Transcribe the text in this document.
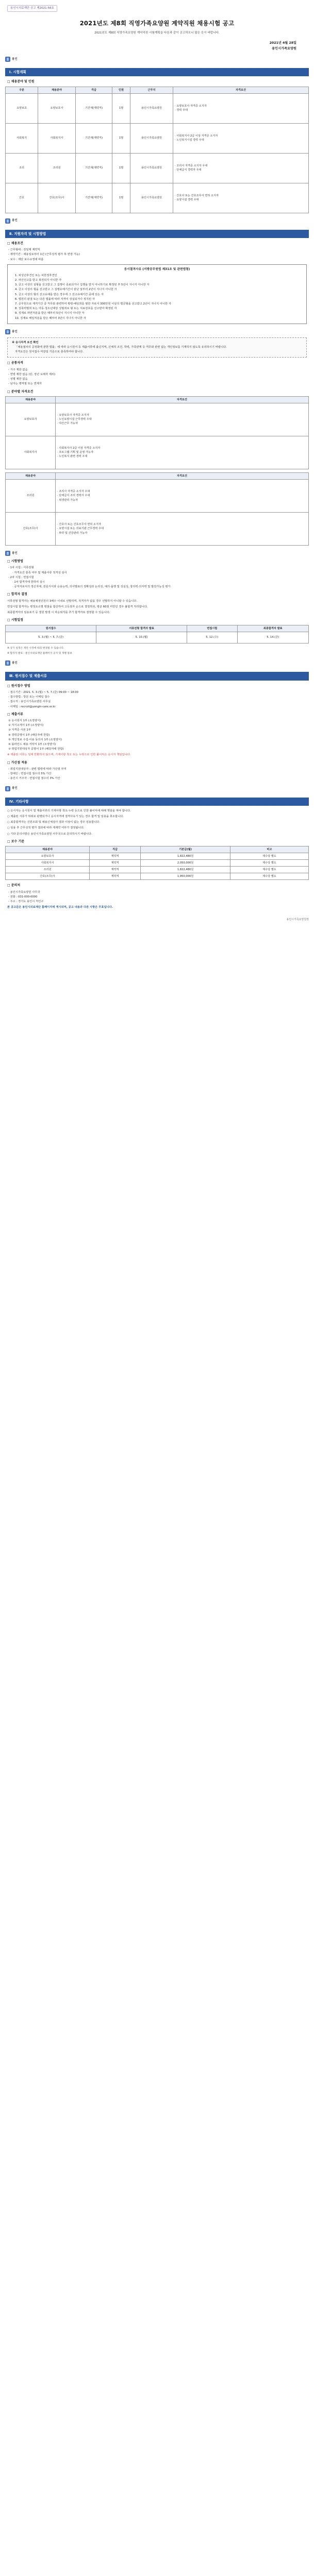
용인시의료재단 공고 제2021-56호
2021년도 제8회 직영가족요양원 계약직원 채용시험 공고
2021년도 제8회 직영가족요양원 계약직원 시험계획을 다음과 같이 공고하오니 많은 응시 바랍니다.
2021년 4월 28일
용인시가족요양원
용인
Ⅰ. 시험계획
□ 채용분야 및 인원
구분	채용분야	직급	인원	근무지	자격요건
요양보호	요양보호사	기간제(계약직)	1명	용인시가족요양원	· 요양보호사 자격증 소지자
· 경력 우대
사회복지	사회복지사	기간제(계약직)	1명	용인시가족요양원	· 사회복지사 2급 이상 자격증 소지자
· 노인복지시설 경력 우대
조리	조리원	기간제(계약직)	1명	용인시가족요양원	· 조리사 자격증 소지자 우대
· 단체급식 경력자 우대
간호	간호(조무)사	기간제(계약직)	1명	용인시가족요양원	· 간호사 또는 간호조무사 면허 소지자
· 요양시설 경력 우대
용인
Ⅱ. 지원자격 및 시험방법
□ 채용조건
- 근무형태 : 전일제 계약직
- 계약기간 : 채용일로부터 1년 (근무성적 평가 후 연장 가능)
- 보수 : 재단 보수규정에 따름
응시결격사유 (지방공무원법 제31조 및 관련법령)
1. 피성년후견인 또는 피한정후견인
2. 파산선고를 받고 복권되지 아니한 자
3. 금고 이상의 실형을 선고받고 그 집행이 종료되거나 집행을 받지 아니하기로 확정된 후 5년이 지나지 아니한 자
4. 금고 이상의 형을 선고받고 그 집행유예기간이 끝난 날부터 2년이 지나지 아니한 자
5. 금고 이상의 형의 선고유예를 받은 경우에 그 선고유예기간 중에 있는 자
6. 법원의 판결 또는 다른 법률에 따라 자격이 상실되거나 정지된 자
7. 공무원으로 재직기간 중 직무와 관련하여 횡령·배임죄를 범한 자로서 300만원 이상의 벌금형을 선고받고 2년이 지나지 아니한 자
8. 성폭력범죄 또는 아동·청소년대상 성범죄로 형 또는 치료감호를 선고받아 확정된 자
9. 징계로 파면처분을 받은 때부터 5년이 지나지 아니한 자
10. 징계로 해임처분을 받은 때부터 3년이 지나지 아니한 자
용인
※ 응시자격 요건 확인
「채용절차의 공정화에 관한 법률」에 따라 응시원서 등 제출서류에 출신지역, 신체적 조건, 학력, 가족관계 등 직무와 관련 없는 개인정보를 기재하지 않도록 유의하시기 바랍니다.
자격요건은 원서접수 마감일 기준으로 충족하여야 합니다.
□ 공통자격
- 거주 제한 없음
- 연령 제한 없음 (단, 정년 도래자 제외)
- 성별 제한 없음
- 남자는 병역필 또는 면제자
□ 분야별 자격요건
채용분야	자격요건
요양보호사	· 요양보호사 자격증 소지자
· 노인요양시설 근무경력 우대
· 야간근무 가능자
사회복지사	· 사회복지사 2급 이상 자격증 소지자
· 프로그램 기획 및 운영 가능자
· 노인복지 관련 경력 우대
채용분야	자격요건
조리원	· 조리사 자격증 소지자 우대
· 단체급식 조리 경력자 우대
· 위생관리 가능자
간호(조무)사	· 간호사 또는 간호조무사 면허 소지자
· 요양시설 또는 의료기관 근무경력 우대
· 투약 및 건강관리 가능자
용인
□ 시험방법
- 1차 시험 : 서류전형
· 자격요건 충족 여부 및 제출서류 적격성 심사
- 2차 시험 : 면접시험
· 1차 합격자에 한하여 실시
· 공직자로서의 정신자세, 전문지식과 응용능력, 의사발표의 정확성과 논리성, 예의·품행 및 성실성, 창의력·의지력 및 발전가능성 평가
□ 합격자 결정
서류전형 합격자는 채용예정인원의 3배수 이내로 선발하며, 적격자가 없을 경우 선발하지 아니할 수 있습니다.
면접시험 합격자는 평정요소별 평점을 합산하여 고득점자 순으로 결정하되, 평균 60점 미만인 경우 불합격 처리합니다.
최종합격자의 임용포기 등 결원 발생 시 차순위자를 추가 합격자로 결정할 수 있습니다.
□ 시험일정
원서접수	서류전형 합격자 발표	면접시험	최종합격자 발표
5. 3.(월) ~ 5. 7.(금)	5. 10.(월)	5. 12.(수)	5. 14.(금)
※ 상기 일정은 재단 사정에 따라 변경될 수 있습니다.
※ 합격자 발표 : 용인시의료재단 홈페이지 공지 및 개별 통보
용인
Ⅲ. 원서접수 및 제출서류
□ 원서접수 방법
- 접수기간 : 2021. 5. 3.(월) ~ 5. 7.(금) 09:00 ~ 18:00
- 접수방법 : 방문 또는 이메일 접수
- 접수처 : 용인시가족요양원 사무실
- 이메일 : recruit@yongin-care.or.kr
□ 제출서류
① 응시원서 1부 (소정양식)
② 자기소개서 1부 (소정양식)
③ 자격증 사본 1부
④ 경력증명서 1부 (해당자에 한함)
⑤ 개인정보 수집·이용 동의서 1부 (소정양식)
⑥ 블라인드 채용 서약서 1부 (소정양식)
⑦ 취업지원대상자 증명서 1부 (해당자에 한함)
※ 제출된 서류는 일체 반환하지 않으며, 기재사항 착오 또는 누락으로 인한 불이익은 응시자 책임입니다.
□ 가산점 적용
- 취업지원대상자 : 관련 법령에 따라 가산점 부여
- 장애인 : 면접시험 점수의 5% 가산
- 용인시 거주자 : 면접시험 점수의 3% 가산
용인
Ⅳ. 기타사항
○ 응시자는 응시원서 및 제출서류의 기재사항 착오·누락 등으로 인한 불이익에 대해 책임을 져야 합니다.
○ 제출된 서류가 허위로 판명되거나 응시자격에 결격사유가 있는 경우 합격 및 임용을 취소합니다.
○ 최종합격자는 신원조회 및 채용신체검사 결과 이상이 없는 경우 임용합니다.
○ 임용 후 근무성적 평가 결과에 따라 재계약 여부가 결정됩니다.
○ 기타 문의사항은 용인시가족요양원 사무국으로 문의하시기 바랍니다.
□ 보수 기준
채용분야	직급	기본급(월)	비고
요양보호사	계약직	1,822,480원	제수당 별도
사회복지사	계약직	2,050,000원	제수당 별도
조리원	계약직	1,822,480원	제수당 별도
간호(조무)사	계약직	1,950,000원	제수당 별도
□ 문의처
- 용인시가족요양원 사무국
- 전화 : 031-000-0000
- 주소 : 경기도 용인시 처인구
본 공고문은 용인시의료재단 홈페이지에 게시되며, 공고 내용과 다른 사항은 무효입니다.
용인시가족요양원장
